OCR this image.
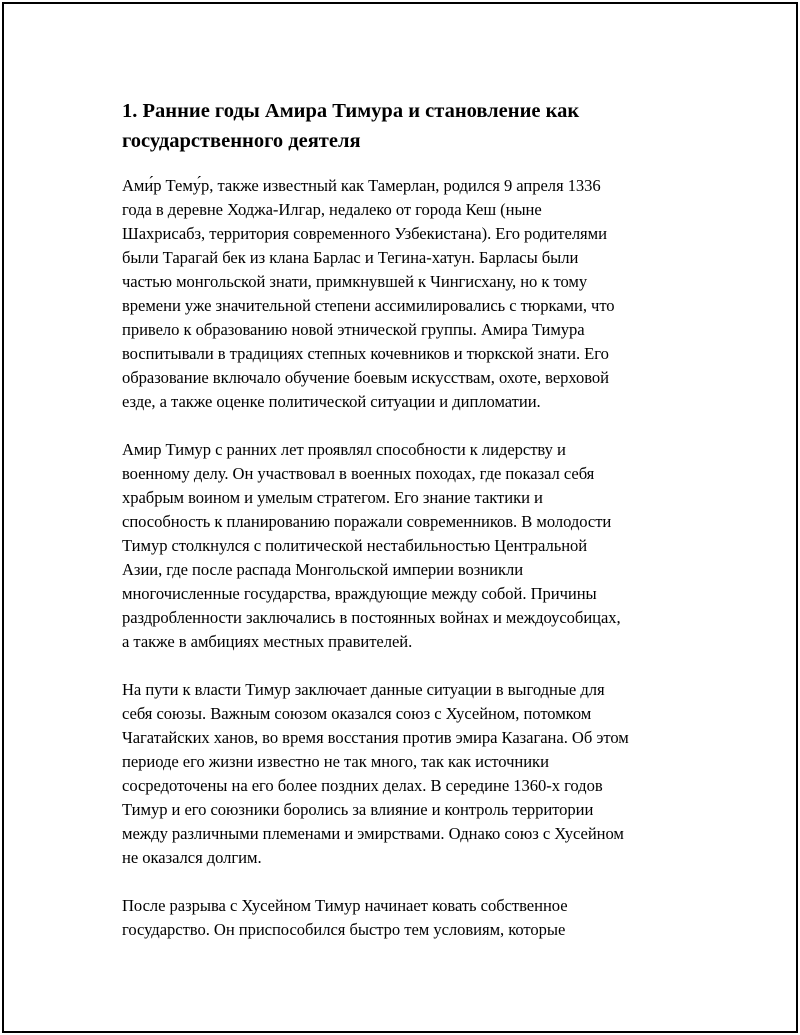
1. Ранние годы Амира Тимура и становление как
государственного деятеля

Ами́р Тему́р, также известный как Тамерлан, родился 9 апреля 1336
года в деревне Ходжа-Илгар, недалеко от города Кеш (ныне
Шахрисабз, территория современного Узбекистана). Его родителями
были Тарагай бек из клана Барлас и Тегина-хатун. Барласы были
частью монгольской знати, примкнувшей к Чингисхану, но к тому
времени уже значительной степени ассимилировались с тюрками, что
привело к образованию новой этнической группы. Амира Тимура
воспитывали в традициях степных кочевников и тюркской знати. Его
образование включало обучение боевым искусствам, охоте, верховой
езде, а также оценке политической ситуации и дипломатии.

Амир Тимур с ранних лет проявлял способности к лидерству и
военному делу. Он участвовал в военных походах, где показал себя
храбрым воином и умелым стратегом. Его знание тактики и
способность к планированию поражали современников. В молодости
Тимур столкнулся с политической нестабильностью Центральной
Азии, где после распада Монгольской империи возникли
многочисленные государства, враждующие между собой. Причины
раздробленности заключались в постоянных войнах и междоусобицах,
а также в амбициях местных правителей.

На пути к власти Тимур заключает данные ситуации в выгодные для
себя союзы. Важным союзом оказался союз с Хусейном, потомком
Чагатайских ханов, во время восстания против эмира Казагана. Об этом
периоде его жизни известно не так много, так как источники
сосредоточены на его более поздних делах. В середине 1360-х годов
Тимур и его союзники боролись за влияние и контроль территории
между различными племенами и эмирствами. Однако союз с Хусейном
не оказался долгим.

После разрыва с Хусейном Тимур начинает ковать собственное
государство. Он приспособился быстро тем условиям, которые
